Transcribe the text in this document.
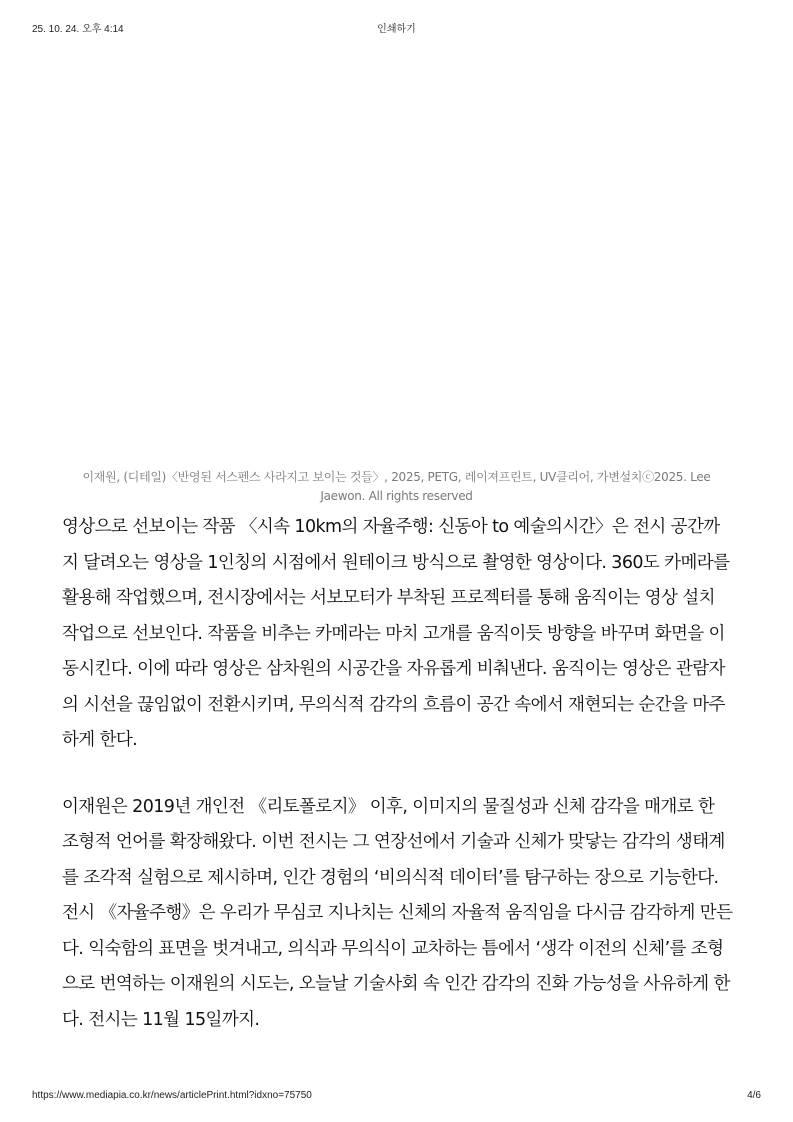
25. 10. 24. 오후 4:14	인쇄하기
이재원, (디테일)〈반영된 서스펜스 사라지고 보이는 것들〉, 2025, PETG, 레이져프린트, UV클리어, 가변설치ⓒ2025. Lee Jaewon. All rights reserved

영상으로 선보이는 작품 〈시속 10km의 자율주행: 신동아 to 예술의시간〉은 전시 공간까지 달려오는 영상을 1인칭의 시점에서 원테이크 방식으로 촬영한 영상이다. 360도 카메라를 활용해 작업했으며, 전시장에서는 서보모터가 부착된 프로젝터를 통해 움직이는 영상 설치 작업으로 선보인다. 작품을 비추는 카메라는 마치 고개를 움직이듯 방향을 바꾸며 화면을 이동시킨다. 이에 따라 영상은 삼차원의 시공간을 자유롭게 비춰낸다. 움직이는 영상은 관람자의 시선을 끊임없이 전환시키며, 무의식적 감각의 흐름이 공간 속에서 재현되는 순간을 마주하게 한다.

이재원은 2019년 개인전 《리토폴로지》 이후, 이미지의 물질성과 신체 감각을 매개로 한 조형적 언어를 확장해왔다. 이번 전시는 그 연장선에서 기술과 신체가 맞닿는 감각의 생태계를 조각적 실험으로 제시하며, 인간 경험의 ‘비의식적 데이터’를 탐구하는 장으로 기능한다. 전시 《자율주행》은 우리가 무심코 지나치는 신체의 자율적 움직임을 다시금 감각하게 만든다. 익숙함의 표면을 벗겨내고, 의식과 무의식이 교차하는 틈에서 ‘생각 이전의 신체’를 조형으로 번역하는 이재원의 시도는, 오늘날 기술사회 속 인간 감각의 진화 가능성을 사유하게 한다. 전시는 11월 15일까지.

https://www.mediapia.co.kr/news/articlePrint.html?idxno=75750	4/6
